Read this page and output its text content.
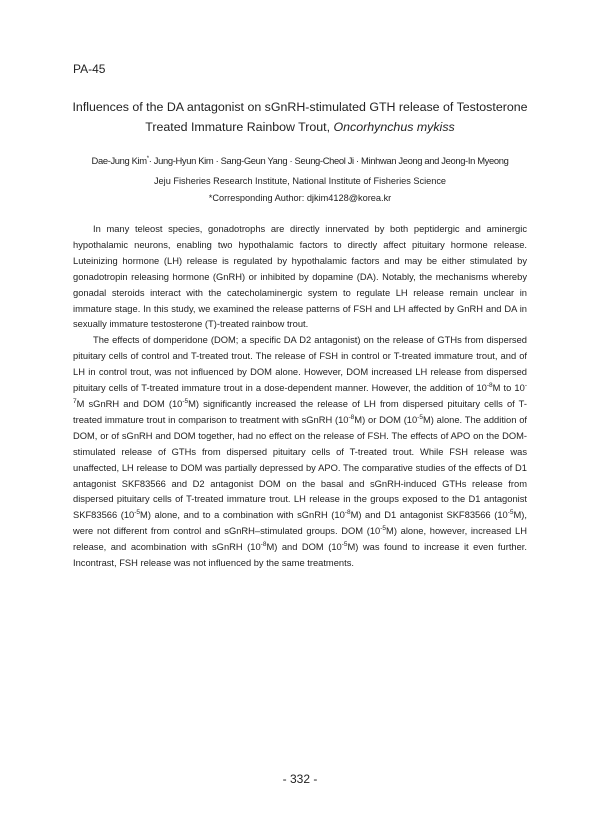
PA-45
Influences of the DA antagonist on sGnRH-stimulated GTH release of Testosterone
Treated Immature Rainbow Trout, Oncorhynchus mykiss
Dae-Jung Kim*· Jung-Hyun Kim · Sang-Geun Yang · Seung-Cheol Ji · Minhwan Jeong and Jeong-In Myeong
Jeju Fisheries Research Institute, National Institute of Fisheries Science
*Corresponding Author: djkim4128@korea.kr

In many teleost species, gonadotrophs are directly innervated by both peptidergic and aminergic hypothalamic neurons, enabling two hypothalamic factors to directly affect pituitary hormone release. Luteinizing hormone (LH) release is regulated by hypothalamic factors and may be either stimulated by gonadotropin releasing hormone (GnRH) or inhibited by dopamine (DA). Notably, the mechanisms whereby gonadal steroids interact with the catecholaminergic system to regulate LH release remain unclear in immature stage. In this study, we examined the release patterns of FSH and LH affected by GnRH and DA in sexually immature testosterone (T)-treated rainbow trout.

The effects of domperidone (DOM; a specific DA D2 antagonist) on the release of GTHs from dispersed pituitary cells of control and T-treated trout. The release of FSH in control or T-treated immature trout, and of LH in control trout, was not influenced by DOM alone. However, DOM increased LH release from dispersed pituitary cells of T-treated immature trout in a dose-dependent manner. However, the addition of $10^{-8}M$ to $10^{-7}M$ sGnRH and DOM $(10^{-5}M)$ significantly increased the release of LH from dispersed pituitary cells of T-treated immature trout in comparison to treatment with sGnRH $(10^{-8}M)$ or DOM $(10^{-5}M)$ alone. The addition of DOM, or of sGnRH and DOM together, had no effect on the release of FSH. The effects of APO on the DOM-stimulated release of GTHs from dispersed pituitary cells of T-treated trout. While FSH release was unaffected, LH release to DOM was partially depressed by APO. The comparative studies of the effects of D1 antagonist SKF83566 and D2 antagonist DOM on the basal and sGnRH-induced GTHs release from dispersed pituitary cells of T-treated immature trout. LH release in the groups exposed to the D1 antagonist SKF83566 $(10^{-5}M)$ alone, and to a combination with sGnRH $(10^{-8}M)$ and D1 antagonist SKF83566 $(10^{-5}M)$, were not different from control and sGnRH–stimulated groups. DOM $(10^{-5}M)$ alone, however, increased LH release, and acombination with sGnRH $(10^{-8}M)$ and DOM $(10^{-5}M)$ was found to increase it even further. Incontrast, FSH release was not influenced by the same treatments.

- 332 -
